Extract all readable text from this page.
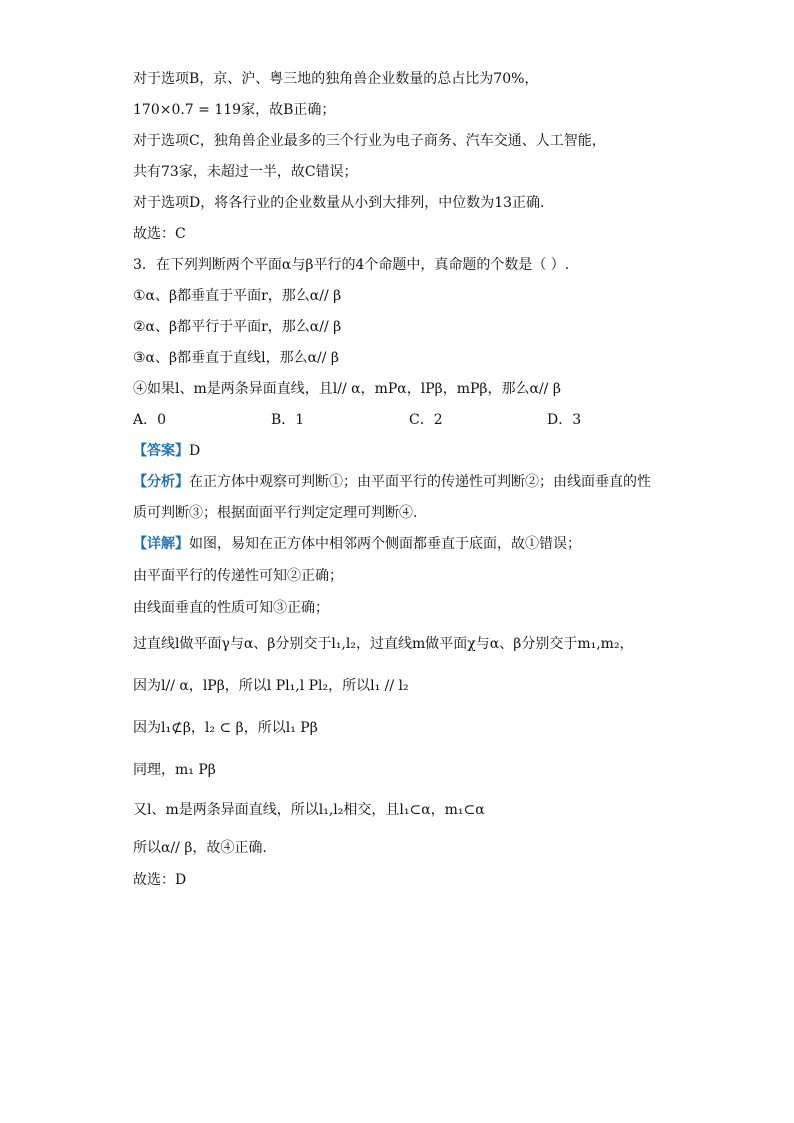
对于选项B，京、沪、粤三地的独角兽企业数量的总占比为70%，
170×0.7 = 119家，故B正确；
对于选项C，独角兽企业最多的三个行业为电子商务、汽车交通、人工智能，
共有73家，未超过一半，故C错误；
对于选项D，将各行业的企业数量从小到大排列，中位数为13正确.
故选：C
3．在下列判断两个平面α与β平行的4个命题中，真命题的个数是（ ）.
①α、β都垂直于平面r，那么α// β
②α、β都平行于平面r，那么α// β
③α、β都垂直于直线l，那么α// β
④如果l、m是两条异面直线，且l// α，mPα，lPβ，mPβ，那么α// β
A．0	B．1	C．2	D．3
【答案】D
【分析】在正方体中观察可判断①；由平面平行的传递性可判断②；由线面垂直的性
质可判断③；根据面面平行判定定理可判断④.
【详解】如图，易知在正方体中相邻两个侧面都垂直于底面，故①错误；
由平面平行的传递性可知②正确；
由线面垂直的性质可知③正确；
过直线l做平面γ与α、β分别交于l₁,l₂，过直线m做平面χ与α、β分别交于m₁,m₂，
因为l// α，lPβ，所以l Pl₁,l Pl₂，所以l₁ // l₂
因为l₁⊄β，l₂ ⊂ β，所以l₁ Pβ
同理，m₁ Pβ
又l、m是两条异面直线，所以l₁,l₂相交，且l₁⊂α，m₁⊂α
所以α// β，故④正确.
故选：D
